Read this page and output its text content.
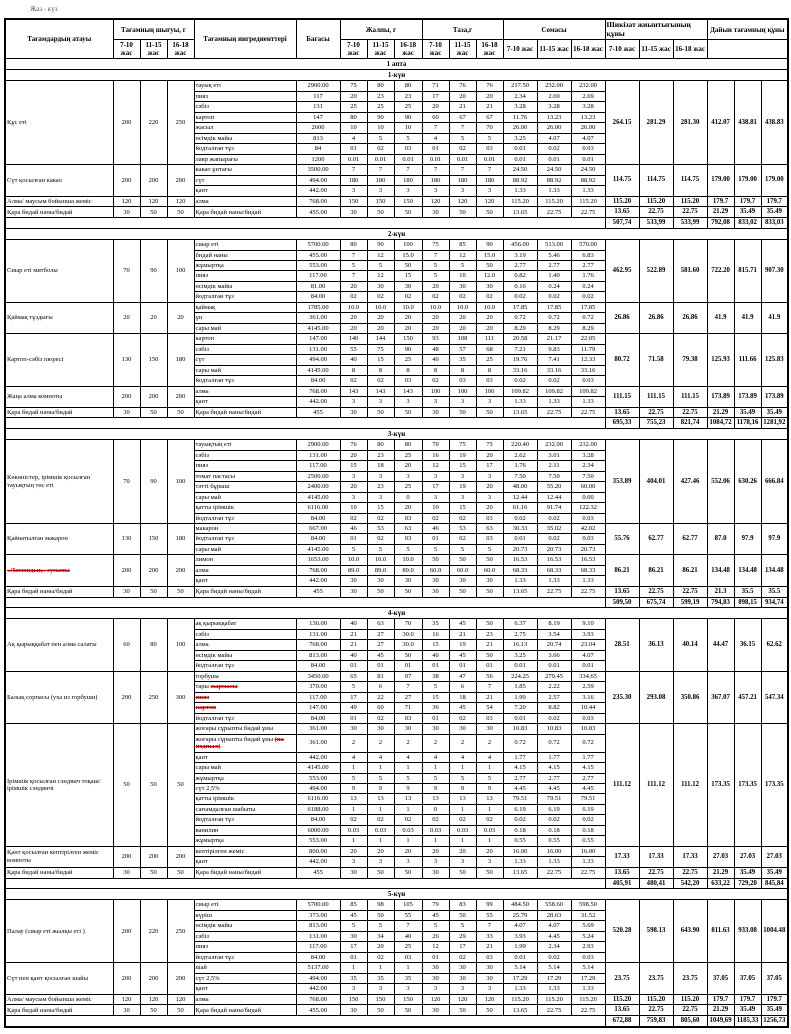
Жаз - күз
Тағамдардың атауы	Тағамның шығуы, г			Тағамның ингредиенттері	Бағасы	Жалпы, г			Таза,г			Сомасы			Шикізат жиынтығының құны			Дайын тағамның құны		
	7-10 жас	11-15 жас	16-18 жас			7-10 жас	11-15 жас	16-18 жас	7-10 жас	11-15 жас	16-18 жас	7-10 жас	11-15 жас	16-18 жас	7-10 жас	11-15 жас	16-18 жас			
1 апта																				
1-күн																				
Құс еті	200	220	250	тауық еті	2900.00	75	80	80	71	76	76	217.50	232.00	232.00	264.15	281.29	281.30	412.07	438.81	438.83
				пияз	117	20	23	23	17	20	20	2.34	2.69	2.69						
				сәбіз	131	25	25	25	20	21	21	3.28	3.28	3.28						
				картоп	147	80	90	90	60	67	67	11.76	13.23	13.23						
				жасыл	2600	10	10	10	7	7	70	26.00	26.00	26.00						
				өсімдік майы	813	4	5	5	4	5	5	3.25	4.07	4.07						
				йодталған тұз	84	01	02	03	01	02	03	0.01	0.02	0.03						
				лавр жапырағы	1200	0.01	0.01	0.01	0.01	0.01	0.01	0.01	0.01	0.01						
Сүт қосылған какао	200	200	200	какао ұнтағы	3500.00	7	7	7	7	7	7	24.50	24.50	24.50	114.75	114.75	114.75	179.00	179.00	179.00
				сүт	494.00	180	180	180	180	180	180	88.92	88.92	88.92						
				қант	442.00	3	3	3	3	3	3	1.33	1.33	1.33						
Алма/ маусым бойынша жеміс	120	120	120	алма	768.00	150	150	150	120	120	120	115.20	115.20	115.20	115.20	115.20	115.20	179.7	179.7	179.7
Қара бидай наны/бидай	30	50	50	Қара бидай наны/бидай	455.00	30	50	50	30	50	50	13.65	22.75	22.75	13.65	22.75	22.75	21.29	35.49	35.49
															507,74	533,99	533,99	792,08	833,02	833,03
2-күн																				
Сиыр еті митболы	70	90	100	сиыр еті	5700.00	80	90	100	75	85	90	456.00	513.00	570.00	462.95	522.89	581.60	722.20	815.71	907.30
				бидай наны	455.00	7	12	15.0	7	12	15.0	3.19	5.46	6.83						
				жұмыртқа	553.00	5	5	50	5	5	50	2.77	2.77	2.77						
				пияз	117.00	7	12	15	5	10	12.0	0.82	1.40	1.76						
				өсімдік майы	81.00	20	30	30	20	30	30	0.16	0.24	0.24						
				йодталған тұз	84.00	02	02	02	02	02	02	0.02	0.02	0.02						
Қаймақ тұздығы	20	20	20	қаймақ	1785.00	10.0	10.0	10.0	10.0	10.0	10.0	17.85	17.85	17.85	26.86	26.86	26.86	41.9	41.9	41.9
				ұн	361.00	20	20	20	20	20	20	0.72	0.72	0.72						
				сары май	4145.00	20	20	20	20	20	20	8.29	8.29	8.29						
Картоп-сәбіз пюресі	130	150	180	картоп	147.00	140	144	150	93	108	111	20.58	21.17	22.05	80.72	71.58	79.38	125.93	111.66	125.83
				сәбіз	131.00	55	75	90	48	57	68	7.21	9.83	11.79						
				сүт	494.00	40	15	25	40	35	25	19.76	7.41	12.33						
				сары май	4145.00	8	8	8	8	8	8	33.16	33.16	33.16						
				йодталған тұз	84.00	02	02	03	02	03	03	0.02	0.02	0.03						
Жаңа алма компоты	200	200	200	алма	768.00	143	143	143	100	100	100	109.82	109.82	109.82	111.15	111.15	111.15	173.89	173.89	173.89
				қант	442.00	3	3	3	3	3	3	1.33	1.33	1.33						
Қара бидай наны/бидай	30	50	50	Қара бидай наны/бидай	455	30	50	50	30	50	50	13.65	22.75	22.75	13.65	22.75	22.75	21.29	35.49	35.49
															695,33	755,23	821,74	1084,72	1178,16	1281,92
3-күн																				
Көкөністер, ірімшік қосылған тауықтың төс еті	70	90	100	тауықтың еті	2900.00	76	80	80	70	75	75	220.40	232.00	232.00	353.89	404.01	427.46	552.06	630.26	666.84
				сәбіз	131.00	20	23	25	16	19	20	2.62	3.01	3.28						
				пияз	117.00	15	18	20	12	15	17	1.76	2.11	2.34						
				томат пастасы	2500.00	3	3	3	3	3	3	7.50	7.50	7.50						
				тәтті бұрыш	2400.00	20	23	25	17	19	20	48.00	55.20	60.00						
				сары май	4145.00	3	3	0	3	3	3	12.44	12.44	0.00						
				қатты ірімшік	6116.00	10	15	20	10	15	20	61.16	91.74	122.32						
				йодталған тұз	84.00	02	02	03	02	02	03	0.02	0.02	0.03						
Қайнатылған макарон	130	150	180	макарон	667.00	46	53	63	46	53	63	30.33	35.02	42.02	55.76	62.77	62.77	87.0	97.9	97.9
				йодталған тұз	84.00	01	02	03	01	02	03	0.01	0.02	0.03						
				сары май	4145.00	5	5	5	5	5	5	20.73	20.73	20.73						
«Лимондық» сусыны	200	200	200	лимон	1653.00	10.0	10.0	10.0	50	50	50	16.53	16.53	16.53	86.21	86.21	86.21	134.48	134.48	134.48
				алма	768.00	89.0	89.0	89.0	60.0	60.0	60.0	68.33	68.33	68.33						
				қант	442.00	30	30	30	30	30	30	1.33	1.33	1.33						
Қара бидай наны/бидай	30	50	50	Қара бидай наны/бидай	455	30	50	50	30	50	50	13.65	22.75	22.75	13.65	22.75	22.75	21.3	35.5	35.5
															509,50	675,74	599,19	794,83	898,15	934,74
4-күн																				
Ақ қырыққабат пен алма салаты	60	80	100	ақ қырыққабат	130.00	40	63	70	35	45	50	6.37	8.19	9.10	28.51	36.13	40.14	44.47	36.15	62.62
				сәбіз	131.00	21	27	30.0	16	21	23	2.75	3.54	3.93						
				алма	768.00	21	27	30.0	15	19	21	16.13	20.74	23.04						
				өсімдік майы	813.00	40	45	50	40	45	50	3.25	3.66	4.07						
				йодталған тұз	84.00	01	01	01	01	01	01	0.01	0.01	0.01						
Балық сорпасы (уха из горбуши)	200	250	300	горбуша	3450.00	65	81	97	38	47	56	224.25	279.45	334.65	235.30	293.08	350.86	367.07	457.21	547.34
				тары жармасы	370.00	5	6	7	5	6	7	1.85	2.22	2.59						
				пияз	117.00	17	22	27	15	18	21	1.99	2.57	3.16						
				картоп	147.00	49	60	71	36	45	54	7.20	8.82	10.44						
				йодталған тұз	84.00	01	02	03	01	02	03	0.01	0.02	0.03						
Ірімшік қосылған сэндвич тоқаш/ ірімшік сэндвичі	50	50	50	жоғары сұрыпты бидай ұны	361.00	30	30	30	30	30	30	10.83	10.83	10.83	111.12	111.12	111.12	173.35	173.35	173.35
				жоғары сұрыпты бидай ұны (на подпыл)	361.00	2	2	2	2	2	2	0.72	0.72	0.72						
				қант	442.00	4	4	4	4	4	4	1.77	1.77	1.77						
				сары май	4145.00	1	1	1	1	1	1	4.15	4.15	4.15						
				жұмыртқа	553.00	5	5	5	5	5	5	2.77	2.77	2.77						
				сүт 2,5%	494.00	9	9	9	9	9	9	4.45	4.45	4.45						
				қатты ірімшік	6116.00	13	13	13	13	13	13	79.51	79.51	79.51						
				сағымдалған шабыты	6188.00	1	1	1	0	1	1	6.19	6.19	6.19						
				йодталған тұз	84.00	02	02	02	02	02	02	0.02	0.02	0.02						
				ванилин	6000.00	0.03	0.03	0.03	0.03	0.03	0.03	0.18	0.18	0.18						
				жұмыртқа	553.00	1	1	1	1	1	1	0.55	0.55	0.55						
Қант қосылған кептірілген жеміс компоты	200	200	200	кептірілген жеміс	800.00	20	20	20	20	20	20	16.00	16.00	16.00	17.33	17.33	17.33	27.03	27.03	27.03
				қант	442.00	3	3	3	3	3	3	1.33	1.33	1.33						
Қара бидай наны/бидай	30	50	50	Қара бидай наны/бидай	455	30	50	50	30	50	50	13.65	22.75	22.75	13.65	22.75	22.75	21.29	35.49	35.49
															405,91	480,41	542,20	633,22	729,20	845,84
5-күн																				
Палау (сиыр еті жылқы еті )	200	220	250	сиыр еті	5700.00	85	98	105	79	83	99	484.50	558.60	598.50	520.28	598.13	643.90	811.63	933.08	1004.48
				күріш	373.00	45	50	55	45	50	55	25.79	28.63	31.52						
				өсімдік майы	813.00	5	5	7	5	5	7	4.07	4.07	5.69						
				сәбіз	131.00	30	34	40	26	29	33	3.93	4.45	5.24						
				пияз	117.00	17	20	25	12	17	21	1.99	2.34	2.93						
				йодталған тұз	84.00	01	02	03	01	02	03	0.01	0.02	0.03						
Сүт пен қант қосылған шайы	200	200	200	шай	5137.00	1	1	1	30	30	30	5.14	5.14	5.14	23.75	23.75	23.75	37.05	37.05	37.05
				сүт 2,5%	494.00	35	35	35	30	30	30	17.29	17.29	17.29						
				қант	442.00	3	3	3	3	3	3	1.33	1.33	1.33						
Алма/ маусым бойынша жеміс	120	120	120	алма	768.00	150	150	150	120	120	120	115.20	115.20	115.20	115.20	115.20	115.20	179.7	179.7	179.7
Қара бидай наны/бидай	30	50	50	Қара бидай наны/бидай	455.00	30	50	50	30	50	50	13.65	22.75	22.75	13.65	22.75	22.75	21.29	35.49	35.49
															672,88	759,83	805,60	1049,69	1185,33	1256,73
